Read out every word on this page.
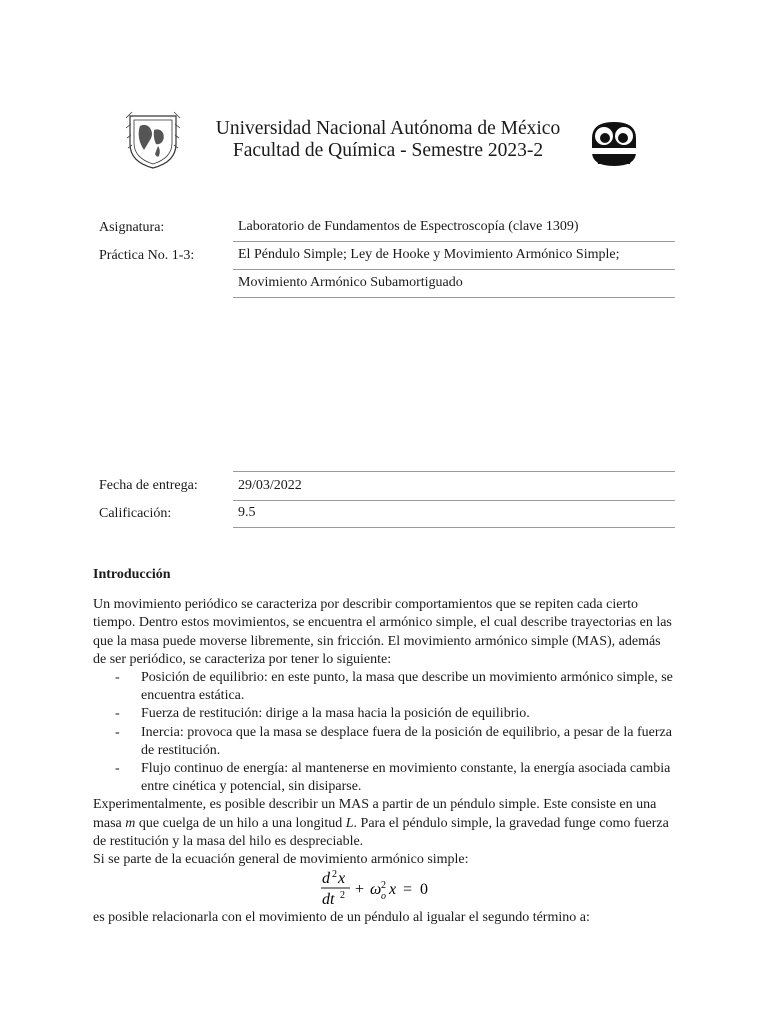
Universidad Nacional Autónoma de México
Facultad de Química - Semestre 2023-2
Asignatura:	Laboratorio de Fundamentos de Espectroscopía (clave 1309)
Práctica No. 1-3:	El Péndulo Simple; Ley de Hooke y Movimiento Armónico Simple;
Movimiento Armónico Subamortiguado
Fecha de entrega:	29/03/2022
Calificación:	9.5

Introducción

Un movimiento periódico se caracteriza por describir comportamientos que se repiten cada cierto tiempo. Dentro estos movimientos, se encuentra el armónico simple, el cual describe trayectorias en las que la masa puede moverse libremente, sin fricción. El movimiento armónico simple (MAS), además de ser periódico, se caracteriza por tener lo siguiente:

- Posición de equilibrio: en este punto, la masa que describe un movimiento armónico simple, se encuentra estática.
- Fuerza de restitución: dirige a la masa hacia la posición de equilibrio.
- Inercia: provoca que la masa se desplace fuera de la posición de equilibrio, a pesar de la fuerza de restitución.
- Flujo continuo de energía: al mantenerse en movimiento constante, la energía asociada cambia entre cinética y potencial, sin disiparse.

Experimentalmente, es posible describir un MAS a partir de un péndulo simple. Este consiste en una masa m que cuelga de un hilo a una longitud L. Para el péndulo simple, la gravedad funge como fuerza de restitución y la masa del hilo es despreciable.

Si se parte de la ecuación general de movimiento armónico simple:

d 2 x
dt 2 + ω 2
o x = 0

es posible relacionarla con el movimiento de un péndulo al igualar el segundo término a:
